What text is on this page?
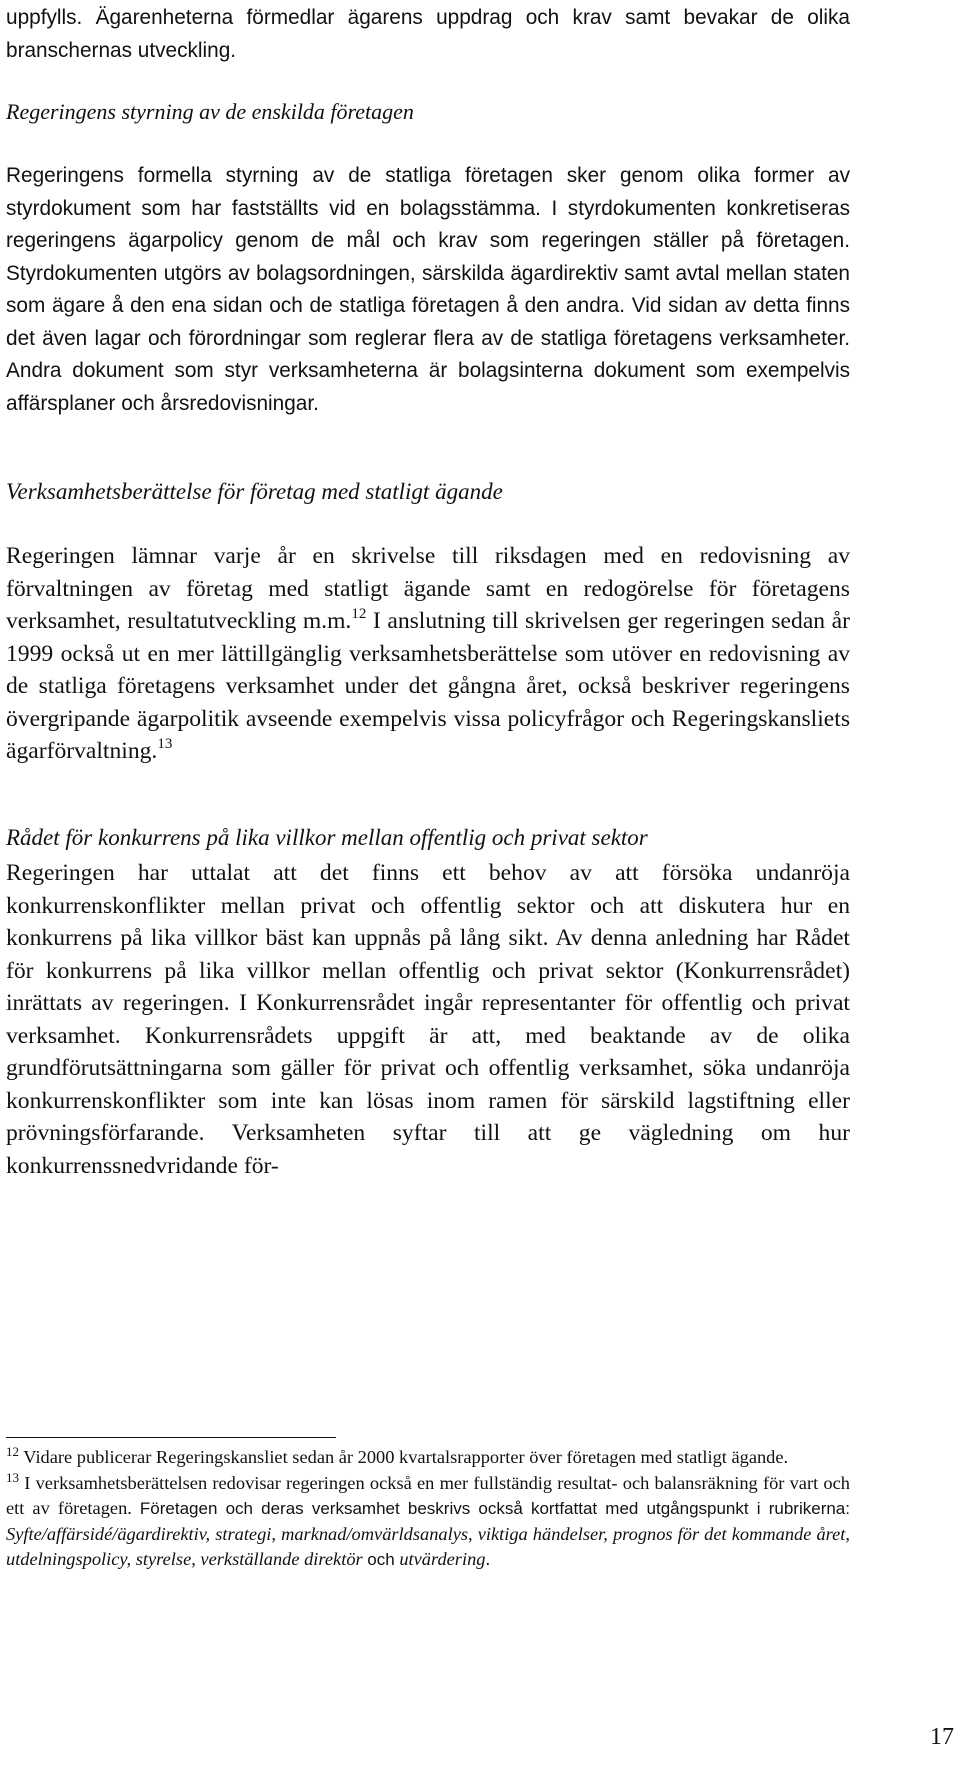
uppfylls. Ägarenheterna förmedlar ägarens uppdrag och krav samt bevakar de olika branschernas utveckling.

Regeringens styrning av de enskilda företagen

Regeringens formella styrning av de statliga företagen sker genom olika former av styrdokument som har fastställts vid en bolagsstämma. I styrdokumenten konkretiseras regeringens ägarpolicy genom de mål och krav som regeringen ställer på företagen. Styrdokumenten utgörs av bolagsordningen, särskilda ägardirektiv samt avtal mellan staten som ägare å den ena sidan och de statliga företagen å den andra. Vid sidan av detta finns det även lagar och förordningar som reglerar flera av de statliga företagens verksamheter. Andra dokument som styr verksamheterna är bolagsinterna dokument som exempelvis affärsplaner och årsredovisningar.

Verksamhetsberättelse för företag med statligt ägande

Regeringen lämnar varje år en skrivelse till riksdagen med en redovisning av förvaltningen av företag med statligt ägande samt en redogörelse för företagens verksamhet, resultatutveckling m.m.$^{12}$ I anslutning till skrivelsen ger regeringen sedan år 1999 också ut en mer lättillgänglig verksamhetsberättelse som utöver en redovisning av de statliga företagens verksamhet under det gångna året, också beskriver regeringens övergripande ägarpolitik avseende exempelvis vissa policyfrågor och Regeringskansliets ägarförvaltning.$^{13}$

Rådet för konkurrens på lika villkor mellan offentlig och privat sektor

Regeringen har uttalat att det finns ett behov av att försöka undanröja konkurrenskonflikter mellan privat och offentlig sektor och att diskutera hur en konkurrens på lika villkor bäst kan uppnås på lång sikt. Av denna anledning har Rådet för konkurrens på lika villkor mellan offentlig och privat sektor (Konkurrensrådet) inrättats av regeringen. I Konkurrensrådet ingår representanter för offentlig och privat verksamhet. Konkurrensrådets uppgift är att, med beaktande av de olika grundförutsättningarna som gäller för privat och offentlig verksamhet, söka undanröja konkurrenskonflikter som inte kan lösas inom ramen för särskild lagstiftning eller prövningsförfarande. Verksamheten syftar till att ge vägledning om hur konkurrenssnedvridande för-

$^{12}$ Vidare publicerar Regeringskansliet sedan år 2000 kvartalsrapporter över företagen med statligt ägande.

$^{13}$ I verksamhetsberättelsen redovisar regeringen också en mer fullständig resultat- och balansräkning för vart och ett av företagen. Företagen och deras verksamhet beskrivs också kortfattat med utgångspunkt i rubrikerna: Syfte/affärsidé/ägardirektiv, strategi, marknad/omvärldsanalys, viktiga händelser, prognos för det kommande året, utdelningspolicy, styrelse, verkställande direktör och utvärdering.

17
